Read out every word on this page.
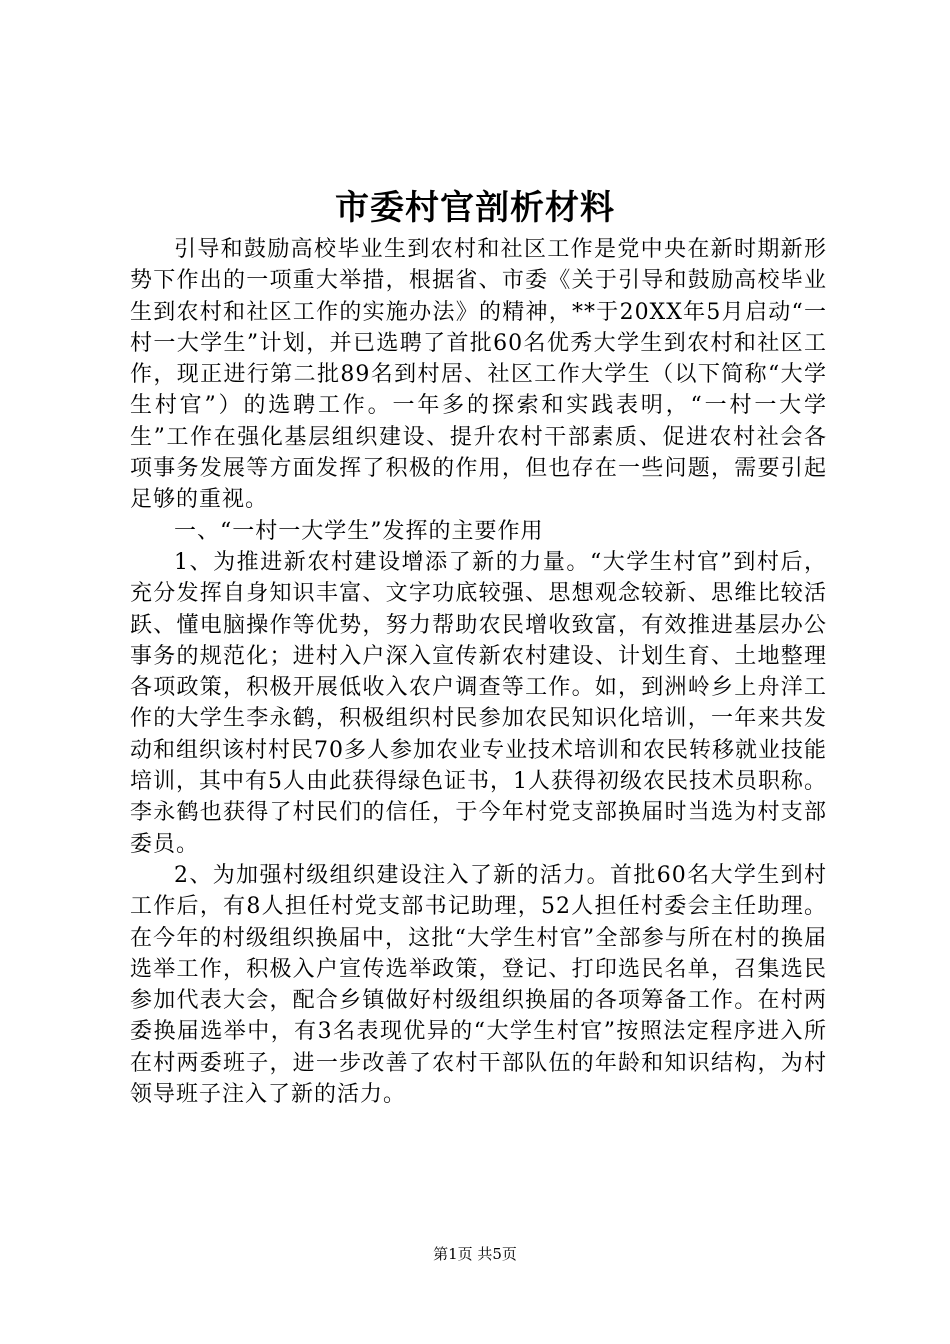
市委村官剖析材料

引导和鼓励高校毕业生到农村和社区工作是党中央在新时期新形势下作出的一项重大举措，根据省、市委《关于引导和鼓励高校毕业生到农村和社区工作的实施办法》的精神，**于20XX年5月启动“一村一大学生”计划，并已选聘了首批60名优秀大学生到农村和社区工作，现正进行第二批89名到村居、社区工作大学生（以下简称“大学生村官”）的选聘工作。一年多的探索和实践表明，“一村一大学生”工作在强化基层组织建设、提升农村干部素质、促进农村社会各项事务发展等方面发挥了积极的作用，但也存在一些问题，需要引起足够的重视。

一、“一村一大学生”发挥的主要作用

1、为推进新农村建设增添了新的力量。“大学生村官”到村后，充分发挥自身知识丰富、文字功底较强、思想观念较新、思维比较活跃、懂电脑操作等优势，努力帮助农民增收致富，有效推进基层办公事务的规范化；进村入户深入宣传新农村建设、计划生育、土地整理各项政策，积极开展低收入农户调查等工作。如，到洲岭乡上舟洋工作的大学生李永鹤，积极组织村民参加农民知识化培训，一年来共发动和组织该村村民70多人参加农业专业技术培训和农民转移就业技能培训，其中有5人由此获得绿色证书，1人获得初级农民技术员职称。李永鹤也获得了村民们的信任，于今年村党支部换届时当选为村支部委员。

2、为加强村级组织建设注入了新的活力。首批60名大学生到村工作后，有8人担任村党支部书记助理，52人担任村委会主任助理。在今年的村级组织换届中，这批“大学生村官”全部参与所在村的换届选举工作，积极入户宣传选举政策，登记、打印选民名单，召集选民参加代表大会，配合乡镇做好村级组织换届的各项筹备工作。在村两委换届选举中，有3名表现优异的“大学生村官”按照法定程序进入所在村两委班子，进一步改善了农村干部队伍的年龄和知识结构，为村领导班子注入了新的活力。

第1页 共5页
